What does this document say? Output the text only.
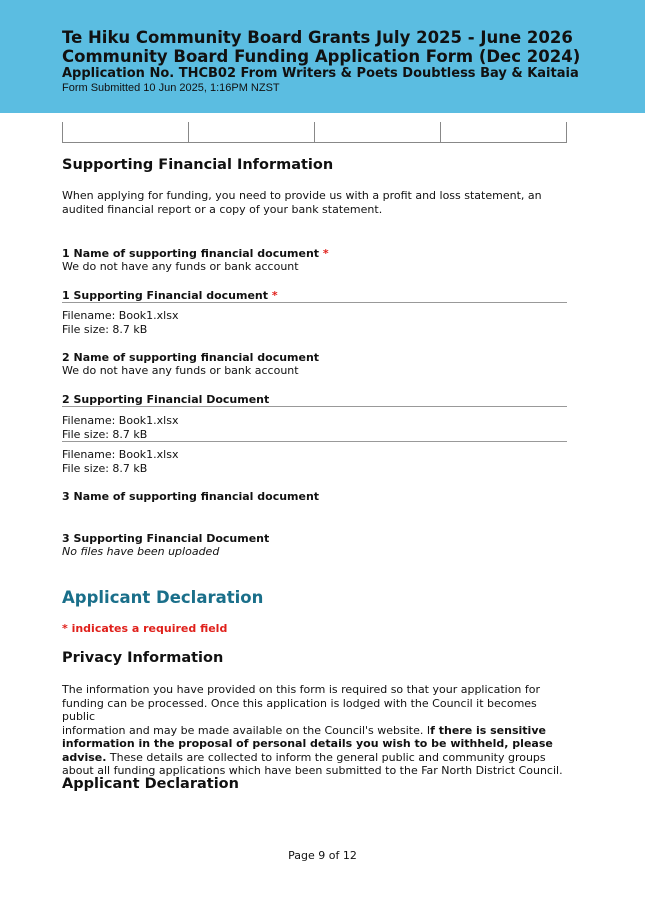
Te Hiku Community Board Grants July 2025 - June 2026
Community Board Funding Application Form (Dec 2024)
Application No. THCB02 From Writers & Poets Doubtless Bay & Kaitaia
Form Submitted 10 Jun 2025, 1:16PM NZST
Supporting Financial Information
When applying for funding, you need to provide us with a profit and loss statement, an
audited financial report or a copy of your bank statement.
1 Name of supporting financial document *
We do not have any funds or bank account
1 Supporting Financial document *
Filename: Book1.xlsx
File size: 8.7 kB
2 Name of supporting financial document
We do not have any funds or bank account
2 Supporting Financial Document
Filename: Book1.xlsx
File size: 8.7 kB
Filename: Book1.xlsx
File size: 8.7 kB
3 Name of supporting financial document
3 Supporting Financial Document
No files have been uploaded
Applicant Declaration
* indicates a required field
Privacy Information
The information you have provided on this form is required so that your application for
funding can be processed. Once this application is lodged with the Council it becomes public
information and may be made available on the Council's website. If there is sensitive
information in the proposal of personal details you wish to be withheld, please
advise. These details are collected to inform the general public and community groups
about all funding applications which have been submitted to the Far North District Council.
Applicant Declaration
Page 9 of 12
